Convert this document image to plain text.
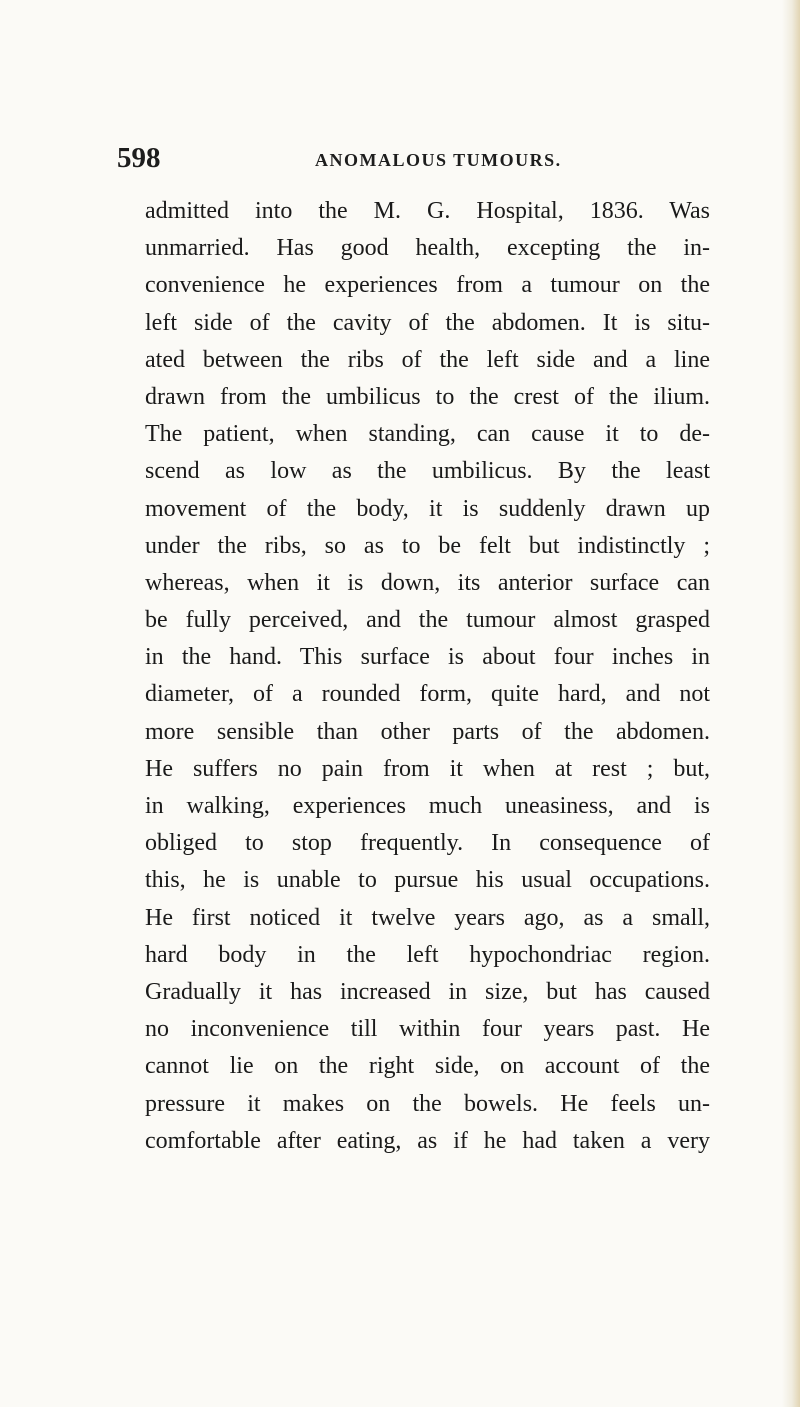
598	ANOMALOUS TUMOURS.
admitted into the M. G. Hospital, 1836. Was
unmarried. Has good health, excepting the in-
convenience he experiences from a tumour on the
left side of the cavity of the abdomen. It is situ-
ated between the ribs of the left side and a line
drawn from the umbilicus to the crest of the ilium.
The patient, when standing, can cause it to de-
scend as low as the umbilicus. By the least
movement of the body, it is suddenly drawn up
under the ribs, so as to be felt but indistinctly ;
whereas, when it is down, its anterior surface can
be fully perceived, and the tumour almost grasped
in the hand. This surface is about four inches in
diameter, of a rounded form, quite hard, and not
more sensible than other parts of the abdomen.
He suffers no pain from it when at rest ; but,
in walking, experiences much uneasiness, and is
obliged to stop frequently. In consequence of
this, he is unable to pursue his usual occupations.
He first noticed it twelve years ago, as a small,
hard body in the left hypochondriac region.
Gradually it has increased in size, but has caused
no inconvenience till within four years past. He
cannot lie on the right side, on account of the
pressure it makes on the bowels. He feels un-
comfortable after eating, as if he had taken a very
